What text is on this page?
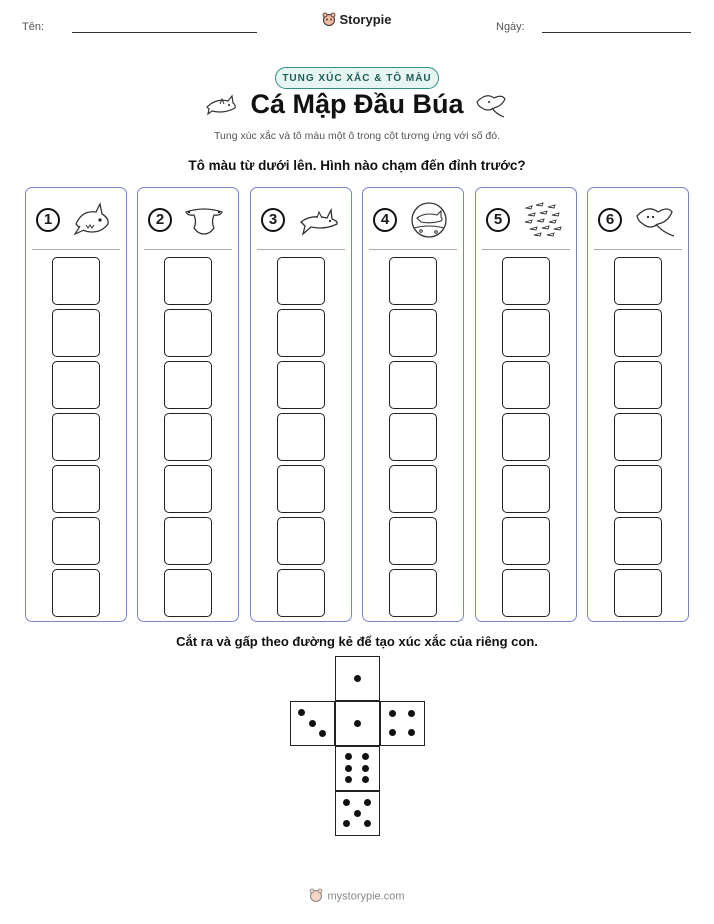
Tên:	Storypie	Ngày:
TUNG XÚC XẮC & TÔ MÀU
Cá Mập Đầu Búa
Tung xúc xắc và tô màu một ô trong cột tương ứng với số đó.
Tô màu từ dưới lên. Hình nào chạm đến đỉnh trước?
1	2	3	4	5	6
Cắt ra và gấp theo đường kẻ để tạo xúc xắc của riêng con.
mystorypie.com
